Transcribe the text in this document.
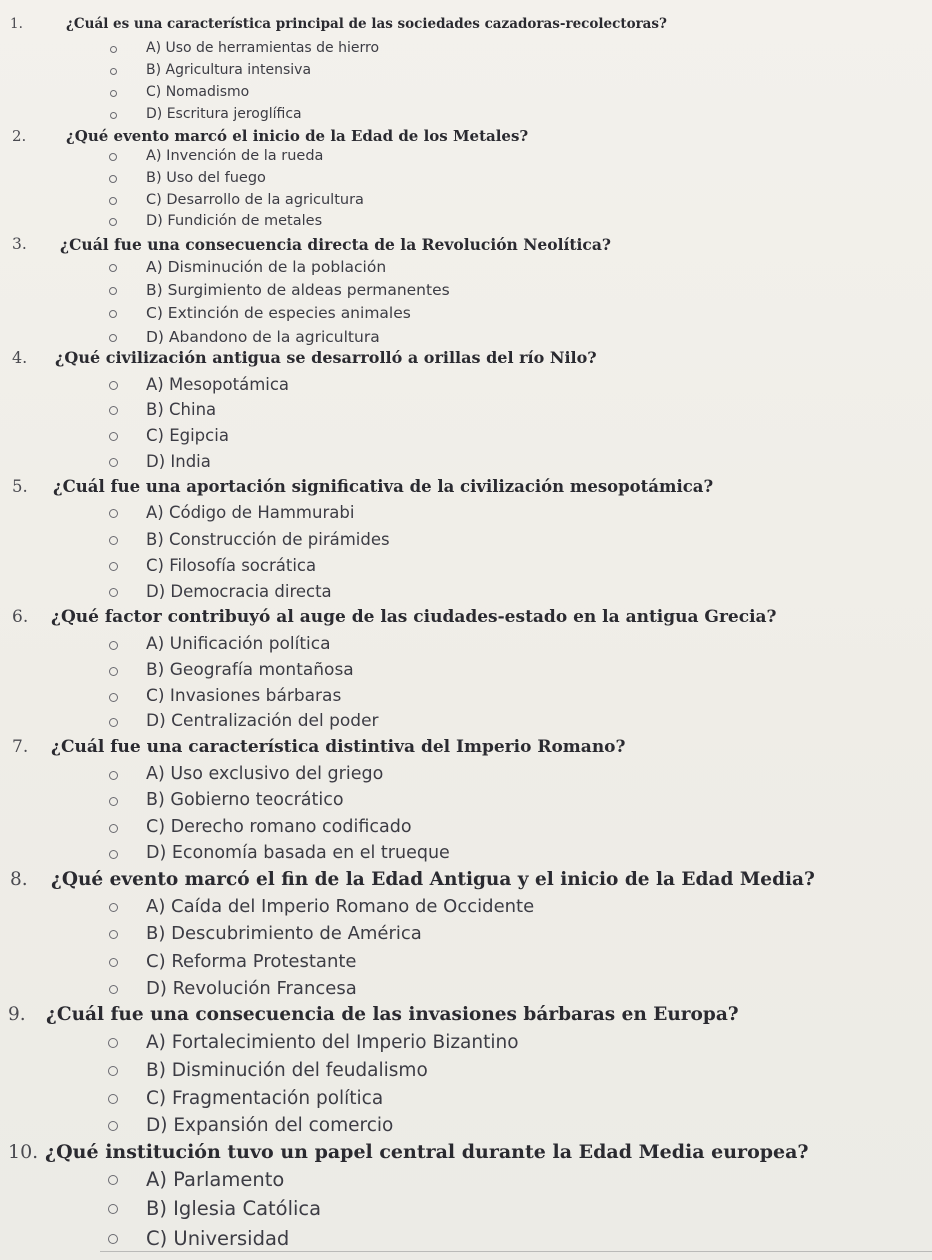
1.	¿Cuál es una característica principal de las sociedades cazadoras-recolectoras?
A) Uso de herramientas de hierro
B) Agricultura intensiva
C) Nomadismo
D) Escritura jeroglífica
2.	¿Qué evento marcó el inicio de la Edad de los Metales?
A) Invención de la rueda
B) Uso del fuego
C) Desarrollo de la agricultura
D) Fundición de metales
3. ¿Cuál fue una consecuencia directa de la Revolución Neolítica?
A) Disminución de la población
B) Surgimiento de aldeas permanentes
C) Extinción de especies animales
D) Abandono de la agricultura
4. ¿Qué civilización antigua se desarrolló a orillas del río Nilo?
A) Mesopotámica
B) China
C) Egipcia
D) India
5. ¿Cuál fue una aportación significativa de la civilización mesopotámica?
A) Código de Hammurabi
B) Construcción de pirámides
C) Filosofía socrática
D) Democracia directa
6. ¿Qué factor contribuyó al auge de las ciudades-estado en la antigua Grecia?
A) Unificación política
B) Geografía montañosa
C) Invasiones bárbaras
D) Centralización del poder
7. ¿Cuál fue una característica distintiva del Imperio Romano?
A) Uso exclusivo del griego
B) Gobierno teocrático
C) Derecho romano codificado
D) Economía basada en el trueque
8. ¿Qué evento marcó el fin de la Edad Antigua y el inicio de la Edad Media?
A) Caída del Imperio Romano de Occidente
B) Descubrimiento de América
C) Reforma Protestante
D) Revolución Francesa
9. ¿Cuál fue una consecuencia de las invasiones bárbaras en Europa?
A) Fortalecimiento del Imperio Bizantino
B) Disminución del feudalismo
C) Fragmentación política
D) Expansión del comercio
10. ¿Qué institución tuvo un papel central durante la Edad Media europea?
A) Parlamento
B) Iglesia Católica
C) Universidad
